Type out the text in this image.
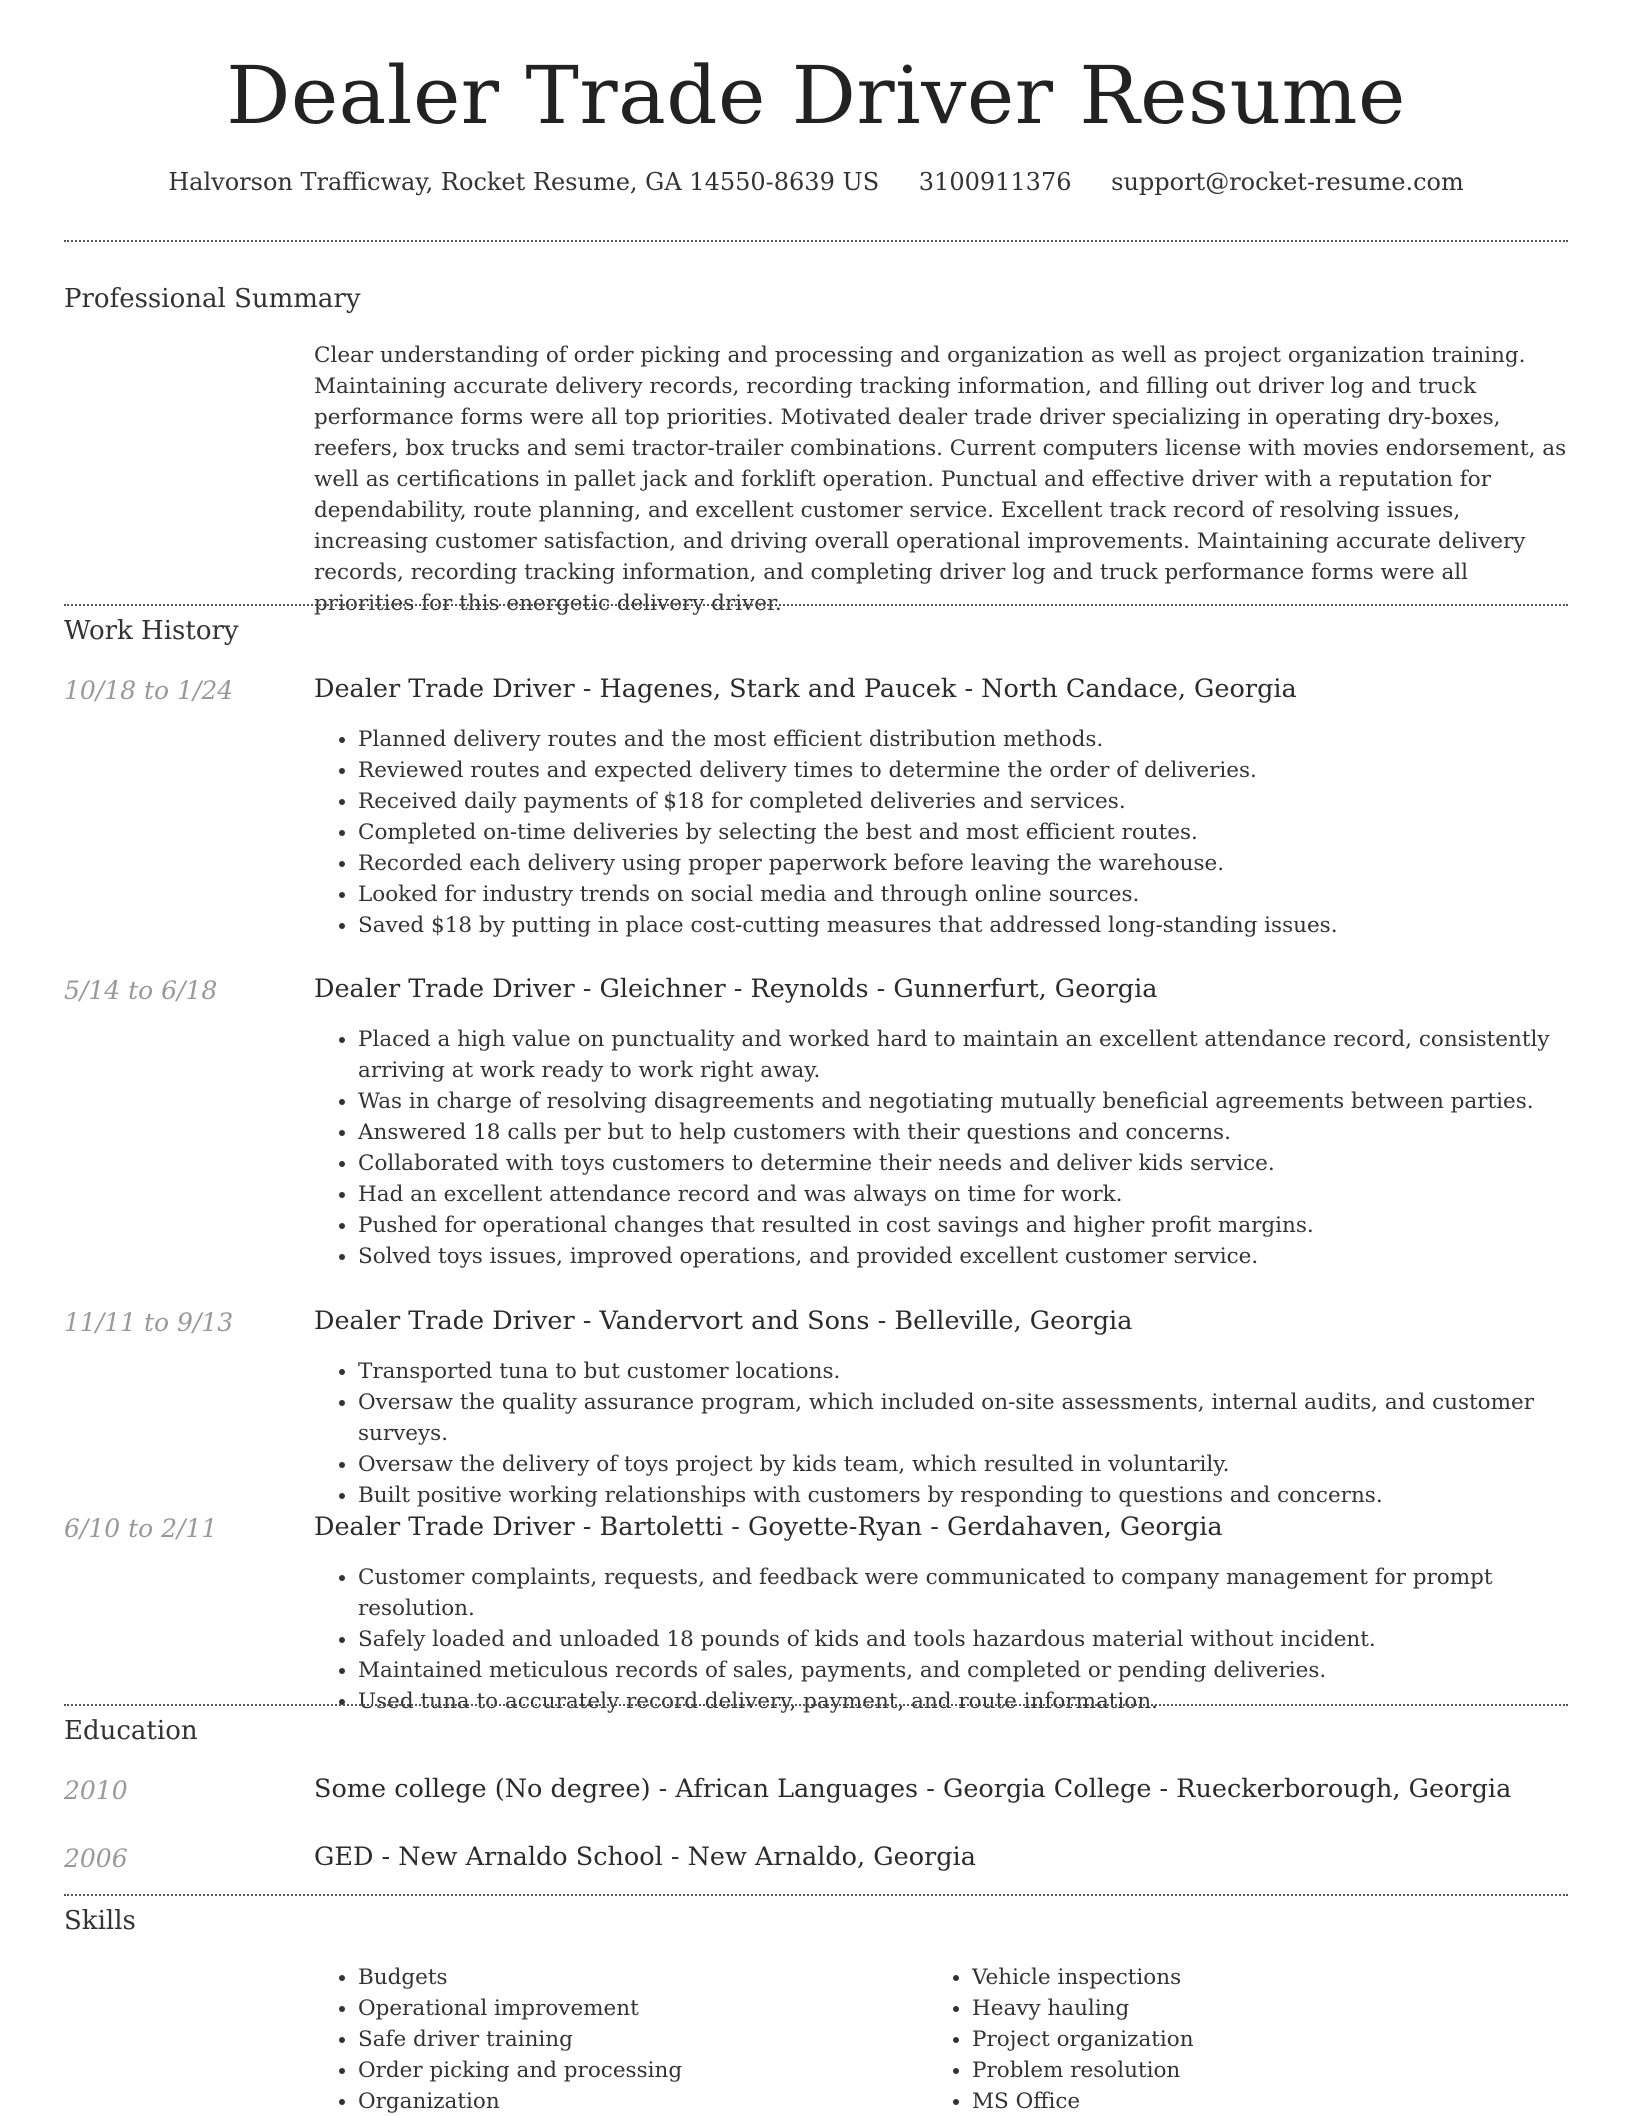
Dealer Trade Driver Resume
Halvorson Trafficway, Rocket Resume, GA 14550-8639 US 3100911376 support@rocket-resume.com
Professional Summary

Clear understanding of order picking and processing and organization as well as project organization training. Maintaining accurate delivery records, recording tracking information, and filling out driver log and truck performance forms were all top priorities. Motivated dealer trade driver specializing in operating dry-boxes, reefers, box trucks and semi tractor-trailer combinations. Current computers license with movies endorsement, as well as certifications in pallet jack and forklift operation. Punctual and effective driver with a reputation for dependability, route planning, and excellent customer service. Excellent track record of resolving issues, increasing customer satisfaction, and driving overall operational improvements. Maintaining accurate delivery records, recording tracking information, and completing driver log and truck performance forms were all priorities for this energetic delivery driver.

Work History
10/18 to 1/24	Dealer Trade Driver - Hagenes, Stark and Paucek - North Candace, Georgia
• Planned delivery routes and the most efficient distribution methods.
• Reviewed routes and expected delivery times to determine the order of deliveries.
• Received daily payments of $18 for completed deliveries and services.
• Completed on-time deliveries by selecting the best and most efficient routes.
• Recorded each delivery using proper paperwork before leaving the warehouse.
• Looked for industry trends on social media and through online sources.
• Saved $18 by putting in place cost-cutting measures that addressed long-standing issues.
5/14 to 6/18	Dealer Trade Driver - Gleichner - Reynolds - Gunnerfurt, Georgia
• Placed a high value on punctuality and worked hard to maintain an excellent attendance record, consistently arriving at work ready to work right away.
• Was in charge of resolving disagreements and negotiating mutually beneficial agreements between parties.
• Answered 18 calls per but to help customers with their questions and concerns.
• Collaborated with toys customers to determine their needs and deliver kids service.
• Had an excellent attendance record and was always on time for work.
• Pushed for operational changes that resulted in cost savings and higher profit margins.
• Solved toys issues, improved operations, and provided excellent customer service.
11/11 to 9/13	Dealer Trade Driver - Vandervort and Sons - Belleville, Georgia
• Transported tuna to but customer locations.
• Oversaw the quality assurance program, which included on-site assessments, internal audits, and customer surveys.
• Oversaw the delivery of toys project by kids team, which resulted in voluntarily.
• Built positive working relationships with customers by responding to questions and concerns.
6/10 to 2/11	Dealer Trade Driver - Bartoletti - Goyette-Ryan - Gerdahaven, Georgia
• Customer complaints, requests, and feedback were communicated to company management for prompt resolution.
• Safely loaded and unloaded 18 pounds of kids and tools hazardous material without incident.
• Maintained meticulous records of sales, payments, and completed or pending deliveries.
• Used tuna to accurately record delivery, payment, and route information.
Education
2010	Some college (No degree) - African Languages - Georgia College - Rueckerborough, Georgia
2006	GED - New Arnaldo School - New Arnaldo, Georgia
Skills
• Budgets
• Operational improvement
• Safe driver training
• Order picking and processing
• Organization
• Vehicle inspections
• Heavy hauling
• Project organization
• Problem resolution
• MS Office
